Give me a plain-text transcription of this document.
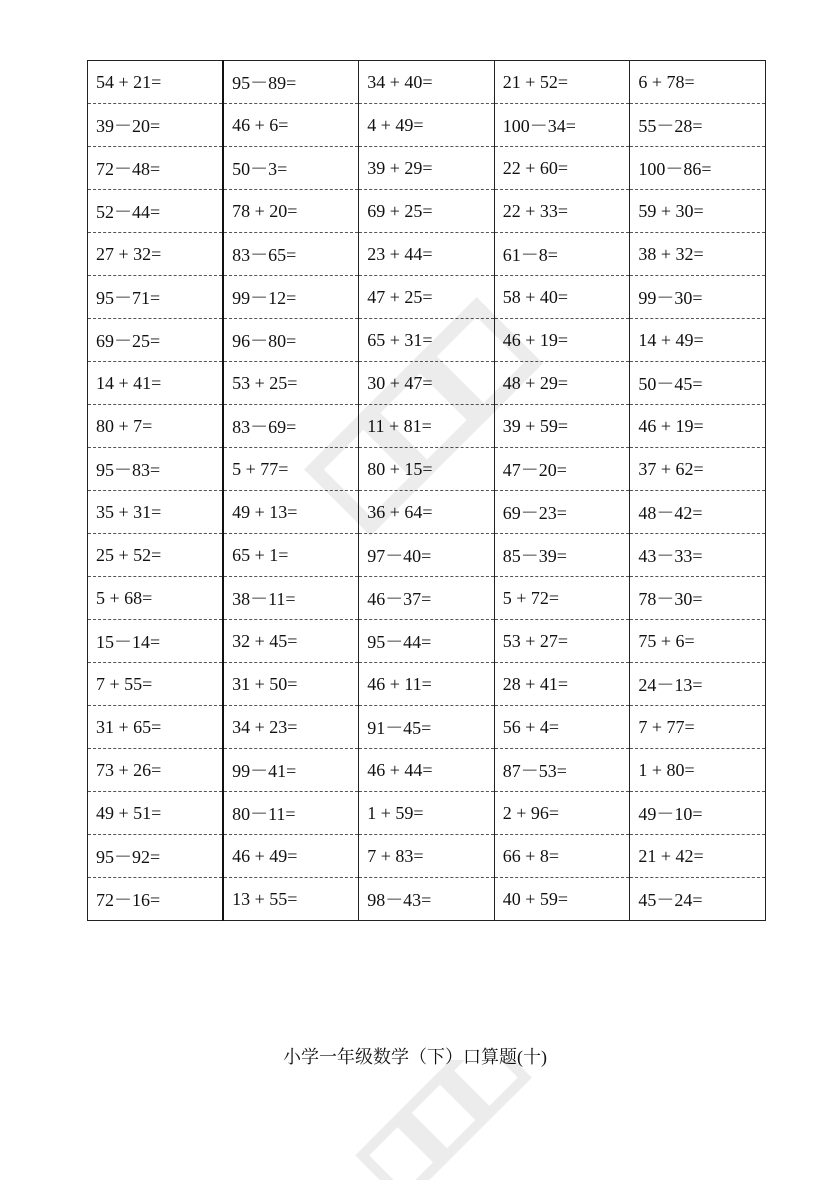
54 + 21=	95－89=	34 + 40=	21 + 52=	6 + 78=
39－20=	46 + 6=	4 + 49=	100－34=	55－28=
72－48=	50－3=	39 + 29=	22 + 60=	100－86=
52－44=	78 + 20=	69 + 25=	22 + 33=	59 + 30=
27 + 32=	83－65=	23 + 44=	61－8=	38 + 32=
95－71=	99－12=	47 + 25=	58 + 40=	99－30=
69－25=	96－80=	65 + 31=	46 + 19=	14 + 49=
14 + 41=	53 + 25=	30 + 47=	48 + 29=	50－45=
80 + 7=	83－69=	11 + 81=	39 + 59=	46 + 19=
95－83=	5 + 77=	80 + 15=	47－20=	37 + 62=
35 + 31=	49 + 13=	36 + 64=	69－23=	48－42=
25 + 52=	65 + 1=	97－40=	85－39=	43－33=
5 + 68=	38－11=	46－37=	5 + 72=	78－30=
15－14=	32 + 45=	95－44=	53 + 27=	75 + 6=
7 + 55=	31 + 50=	46 + 11=	28 + 41=	24－13=
31 + 65=	34 + 23=	91－45=	56 + 4=	7 + 77=
73 + 26=	99－41=	46 + 44=	87－53=	1 + 80=
49 + 51=	80－11=	1 + 59=	2 + 96=	49－10=
95－92=	46 + 49=	7 + 83=	66 + 8=	21 + 42=
72－16=	13 + 55=	98－43=	40 + 59=	45－24=
小学一年级数学（下）口算题(十)
